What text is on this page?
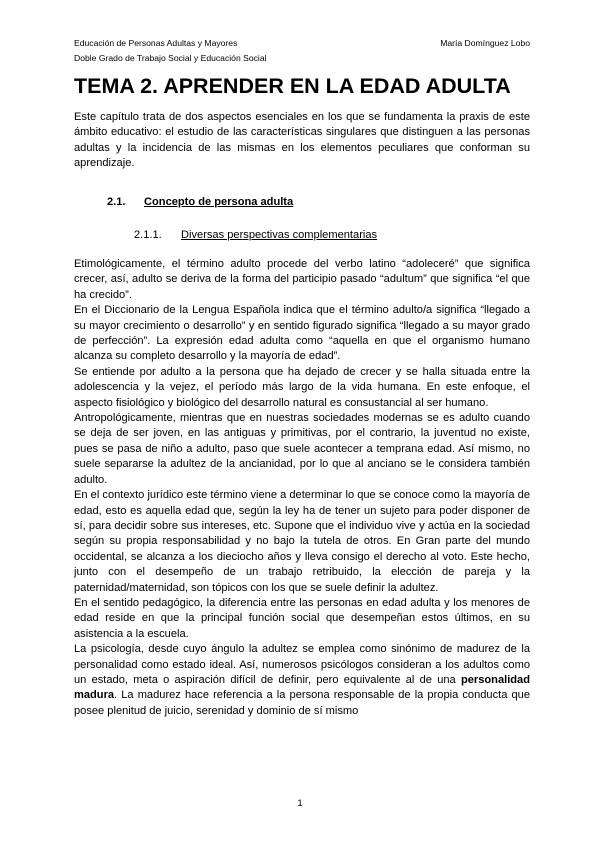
Educación de Personas Adultas y Mayores
Doble Grado de Trabajo Social y Educación Social
María Domínguez Lobo
TEMA 2. APRENDER EN LA EDAD ADULTA

Este capítulo trata de dos aspectos esenciales en los que se fundamenta la praxis de este ámbito educativo: el estudio de las características singulares que distinguen a las personas adultas y la incidencia de las mismas en los elementos peculiares que conforman su aprendizaje.

2.1. Concepto de persona adulta
2.1.1. Diversas perspectivas complementarias

Etimológicamente, el término adulto procede del verbo latino “adoleceré” que significa crecer, así, adulto se deriva de la forma del participio pasado “adultum” que significa “el que ha crecido”.

En el Diccionario de la Lengua Española indica que el término adulto/a significa “llegado a su mayor crecimiento o desarrollo” y en sentido figurado significa “llegado a su mayor grado de perfección”. La expresión edad adulta como “aquella en que el organismo humano alcanza su completo desarrollo y la mayoría de edad”.

Se entiende por adulto a la persona que ha dejado de crecer y se halla situada entre la adolescencia y la vejez, el período más largo de la vida humana. En este enfoque, el aspecto fisiológico y biológico del desarrollo natural es consustancial al ser humano.

Antropológicamente, mientras que en nuestras sociedades modernas se es adulto cuando se deja de ser joven, en las antiguas y primitivas, por el contrario, la juventud no existe, pues se pasa de niño a adulto, paso que suele acontecer a temprana edad. Así mismo, no suele separarse la adultez de la ancianidad, por lo que al anciano se le considera también adulto.

En el contexto jurídico este término viene a determinar lo que se conoce como la mayoría de edad, esto es aquella edad que, según la ley ha de tener un sujeto para poder disponer de sí, para decidir sobre sus intereses, etc. Supone que el individuo vive y actúa en la sociedad según su propia responsabilidad y no bajo la tutela de otros. En Gran parte del mundo occidental, se alcanza a los dieciocho años y lleva consigo el derecho al voto. Este hecho, junto con el desempeño de un trabajo retribuido, la elección de pareja y la paternidad/maternidad, son tópicos con los que se suele definir la adultez.

En el sentido pedagógico, la diferencia entre las personas en edad adulta y los menores de edad reside en que la principal función social que desempeñan estos últimos, en su asistencia a la escuela.

La psicología, desde cuyo ángulo la adultez se emplea como sinónimo de madurez de la personalidad como estado ideal. Así, numerosos psicólogos consideran a los adultos como un estado, meta o aspiración difícil de definir, pero equivalente al de una personalidad madura. La madurez hace referencia a la persona responsable de la propia conducta que posee plenitud de juicio, serenidad y dominio de sí mismo

1
